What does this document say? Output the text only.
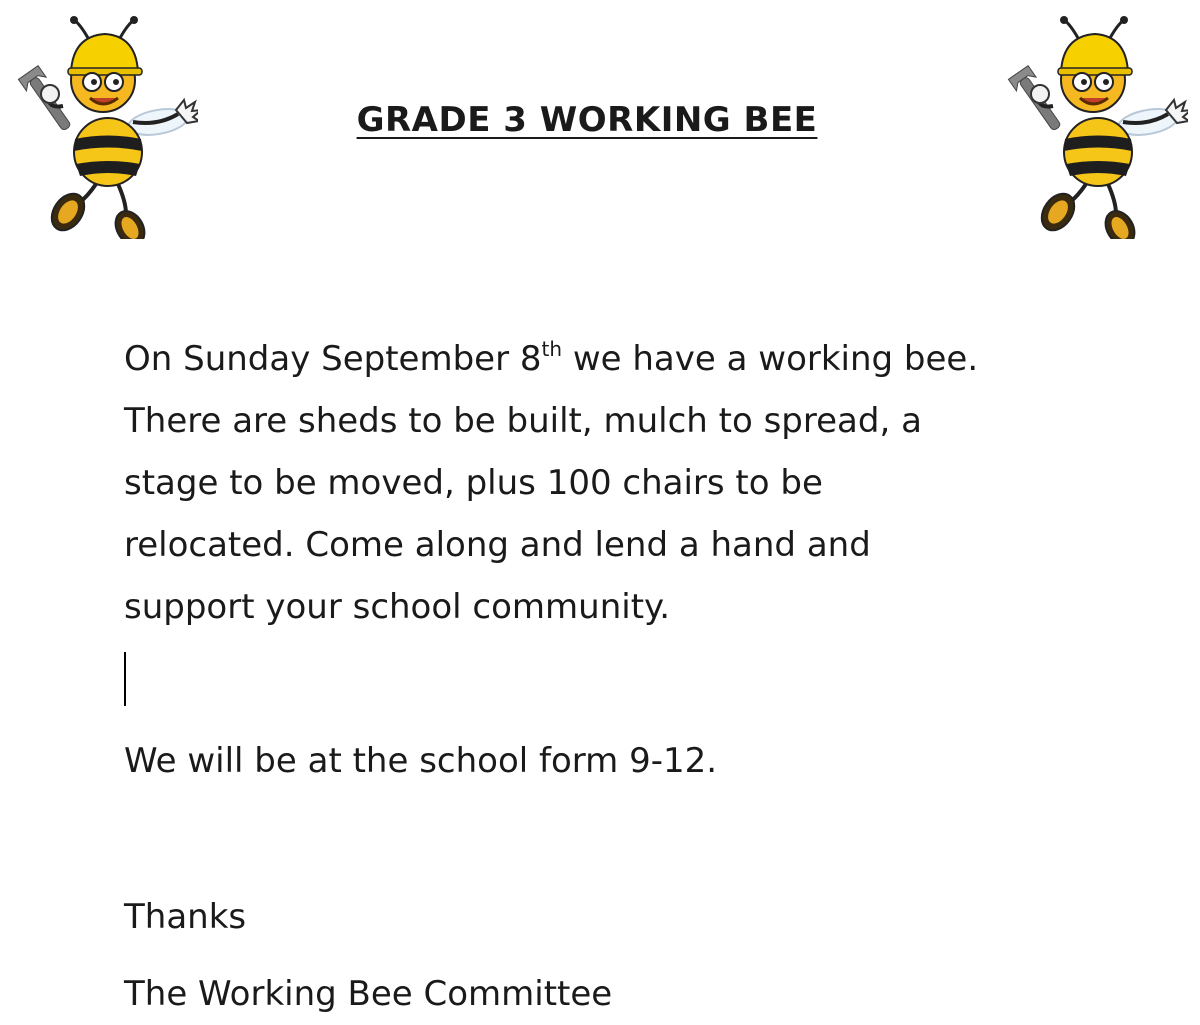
GRADE 3 WORKING BEE
On Sunday September 8th we have a working bee.
There are sheds to be built, mulch to spread, a
stage to be moved, plus 100 chairs to be
relocated. Come along and lend a hand and
support your school community.
We will be at the school form 9-12.
Thanks
The Working Bee Committee
